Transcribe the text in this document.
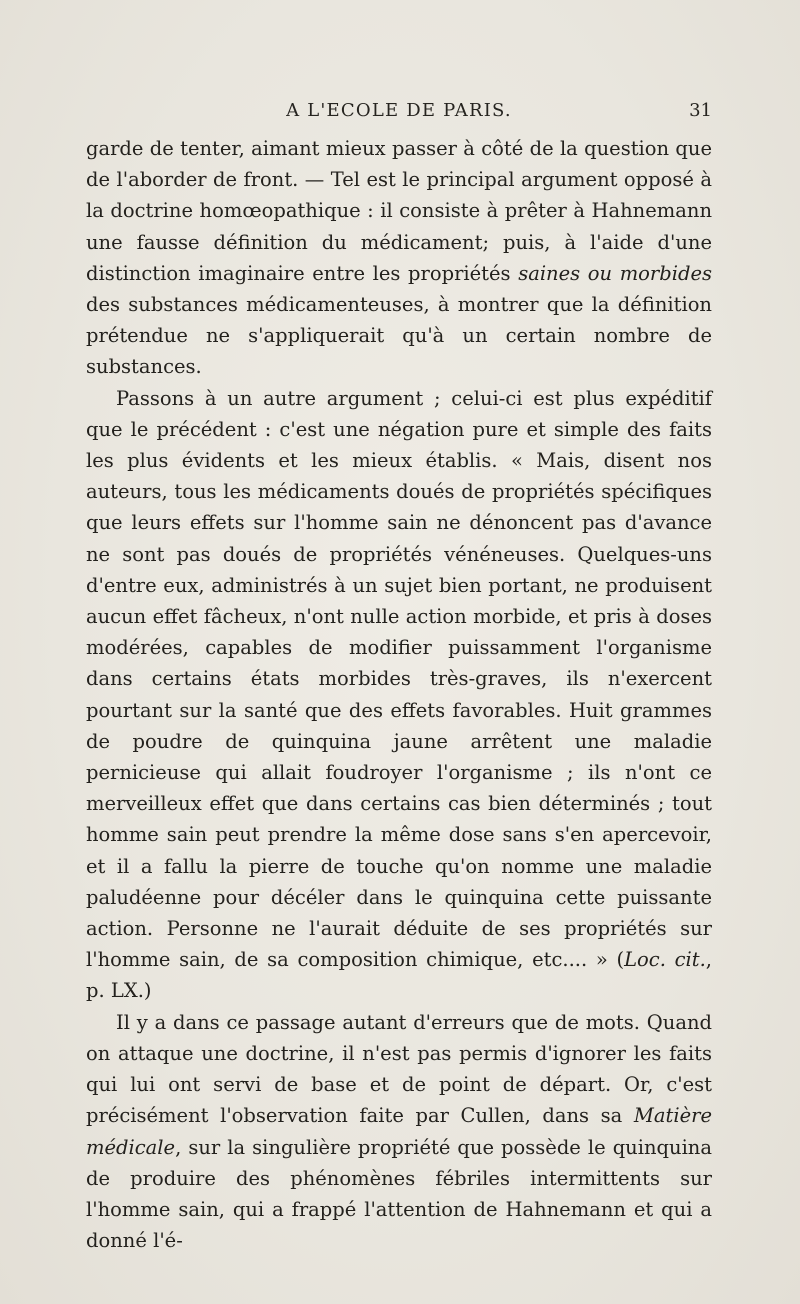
A L'ECOLE DE PARIS.	31

garde de tenter, aimant mieux passer à côté de la question que de l'aborder de front. — Tel est le principal argument opposé à la doctrine homœopathique : il consiste à prêter à Hahnemann une fausse définition du médicament; puis, à l'aide d'une distinction imaginaire entre les propriétés saines ou morbides des substances médicamenteuses, à montrer que la définition prétendue ne s'appliquerait qu'à un certain nombre de substances.

Passons à un autre argument ; celui-ci est plus expéditif que le précédent : c'est une négation pure et simple des faits les plus évidents et les mieux établis. « Mais, disent nos auteurs, tous les médicaments doués de propriétés spécifiques que leurs effets sur l'homme sain ne dénoncent pas d'avance ne sont pas doués de propriétés vénéneuses. Quelques-uns d'entre eux, administrés à un sujet bien portant, ne produisent aucun effet fâcheux, n'ont nulle action morbide, et pris à doses modérées, capables de modifier puissamment l'organisme dans certains états morbides très-graves, ils n'exercent pourtant sur la santé que des effets favorables. Huit grammes de poudre de quinquina jaune arrêtent une maladie pernicieuse qui allait foudroyer l'organisme ; ils n'ont ce merveilleux effet que dans certains cas bien déterminés ; tout homme sain peut prendre la même dose sans s'en apercevoir, et il a fallu la pierre de touche qu'on nomme une maladie paludéenne pour décéler dans le quinquina cette puissante action. Personne ne l'aurait déduite de ses propriétés sur l'homme sain, de sa composition chimique, etc.... » (Loc. cit., p. LX.)

Il y a dans ce passage autant d'erreurs que de mots. Quand on attaque une doctrine, il n'est pas permis d'ignorer les faits qui lui ont servi de base et de point de départ. Or, c'est précisément l'observation faite par Cullen, dans sa Matière médicale, sur la singulière propriété que possède le quinquina de produire des phénomènes fébriles intermittents sur l'homme sain, qui a frappé l'attention de Hahnemann et qui a donné l'é-
